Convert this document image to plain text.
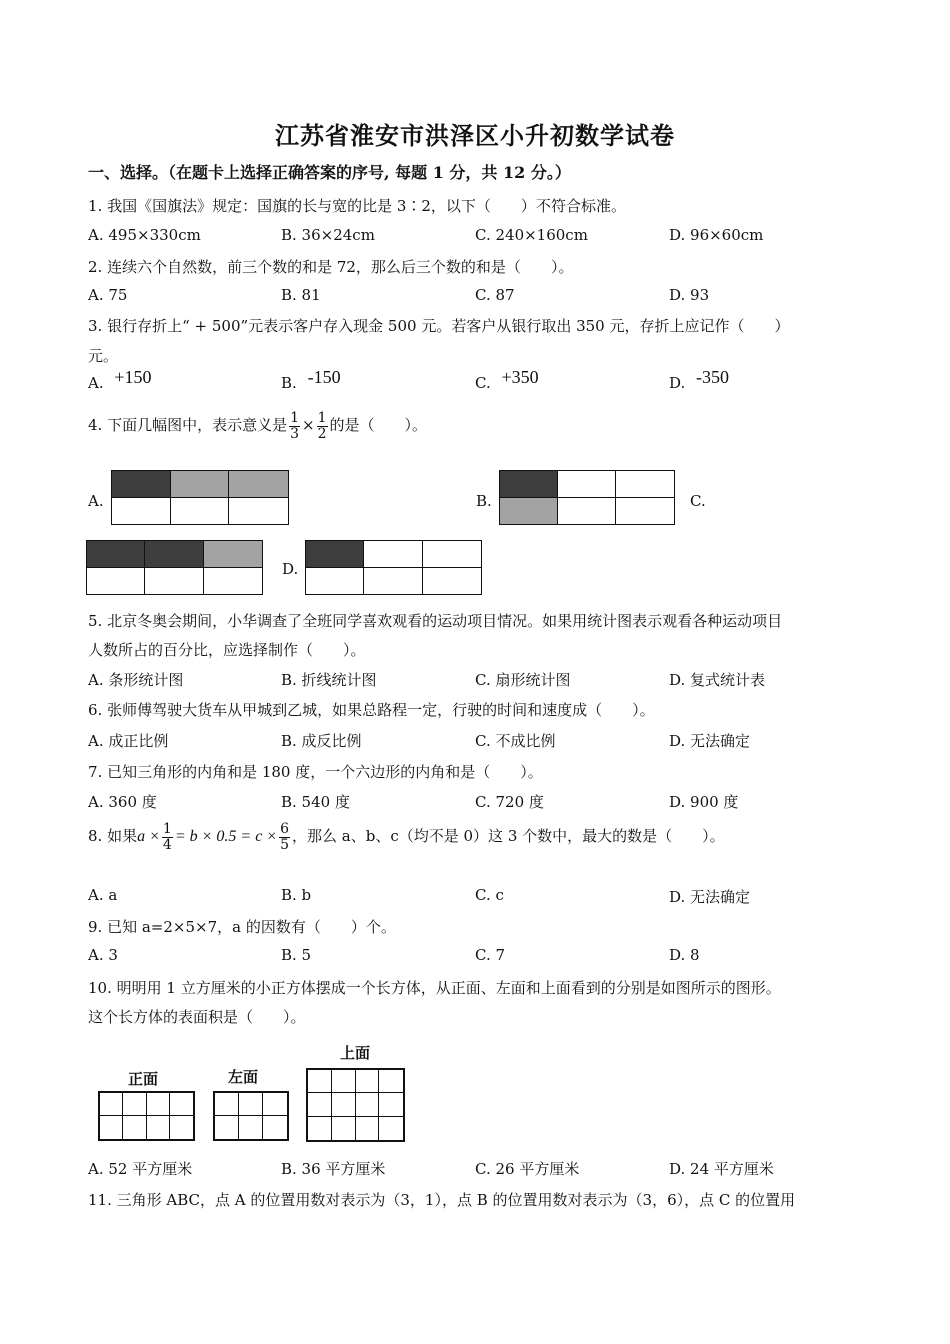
江苏省淮安市洪泽区小升初数学试卷
一、选择。（在题卡上选择正确答案的序号, 每题 1 分，共 12 分。）
1. 我国《国旗法》规定：国旗的长与宽的比是 3∶2，以下（　　）不符合标准。
A. 495×330cm	B. 36×24cm	C. 240×160cm	D. 96×60cm
2. 连续六个自然数，前三个数的和是 72，那么后三个数的和是（　　）。
A. 75	B. 81	C. 87	D. 93
3. 银行存折上“ + 500”元表示客户存入现金 500 元。若客户从银行取出 350 元，存折上应记作（　　）
元。
A. +150	B. -150	C. +350	D. -350
4. 下面几幅图中，表示意义是 $\frac{1}{3} \times \frac{1}{2}$ 的是（　　）。
A.	B.	C.
D.
5. 北京冬奥会期间，小华调查了全班同学喜欢观看的运动项目情况。如果用统计图表示观看各种运动项目
人数所占的百分比，应选择制作（　　）。
A. 条形统计图	B. 折线统计图	C. 扇形统计图	D. 复式统计表
6. 张师傅驾驶大货车从甲城到乙城，如果总路程一定，行驶的时间和速度成（　　）。
A. 成正比例	B. 成反比例	C. 不成比例	D. 无法确定
7. 已知三角形的内角和是 180 度，一个六边形的内角和是（　　）。
A. 360 度	B. 540 度	C. 720 度	D. 900 度
8. 如果$a \times \frac{1}{4} = b \times 0.5 = c \times \frac{6}{5}$ ，那么 a、b、c（均不是 0）这 3 个数中，最大的数是（　　）。
A. a	B. b	C. c	D. 无法确定
9. 已知 a=2×5×7，a 的因数有（　　）个。
A. 3	B. 5	C. 7	D. 8
10. 明明用 1 立方厘米的小正方体摆成一个长方体，从正面、左面和上面看到的分别是如图所示的图形。
这个长方体的表面积是（　　）。
正面	左面
上面
A. 52 平方厘米	B. 36 平方厘米	C. 26 平方厘米	D. 24 平方厘米
11. 三角形 ABC，点 A 的位置用数对表示为（3，1），点 B 的位置用数对表示为（3，6），点 C 的位置用
